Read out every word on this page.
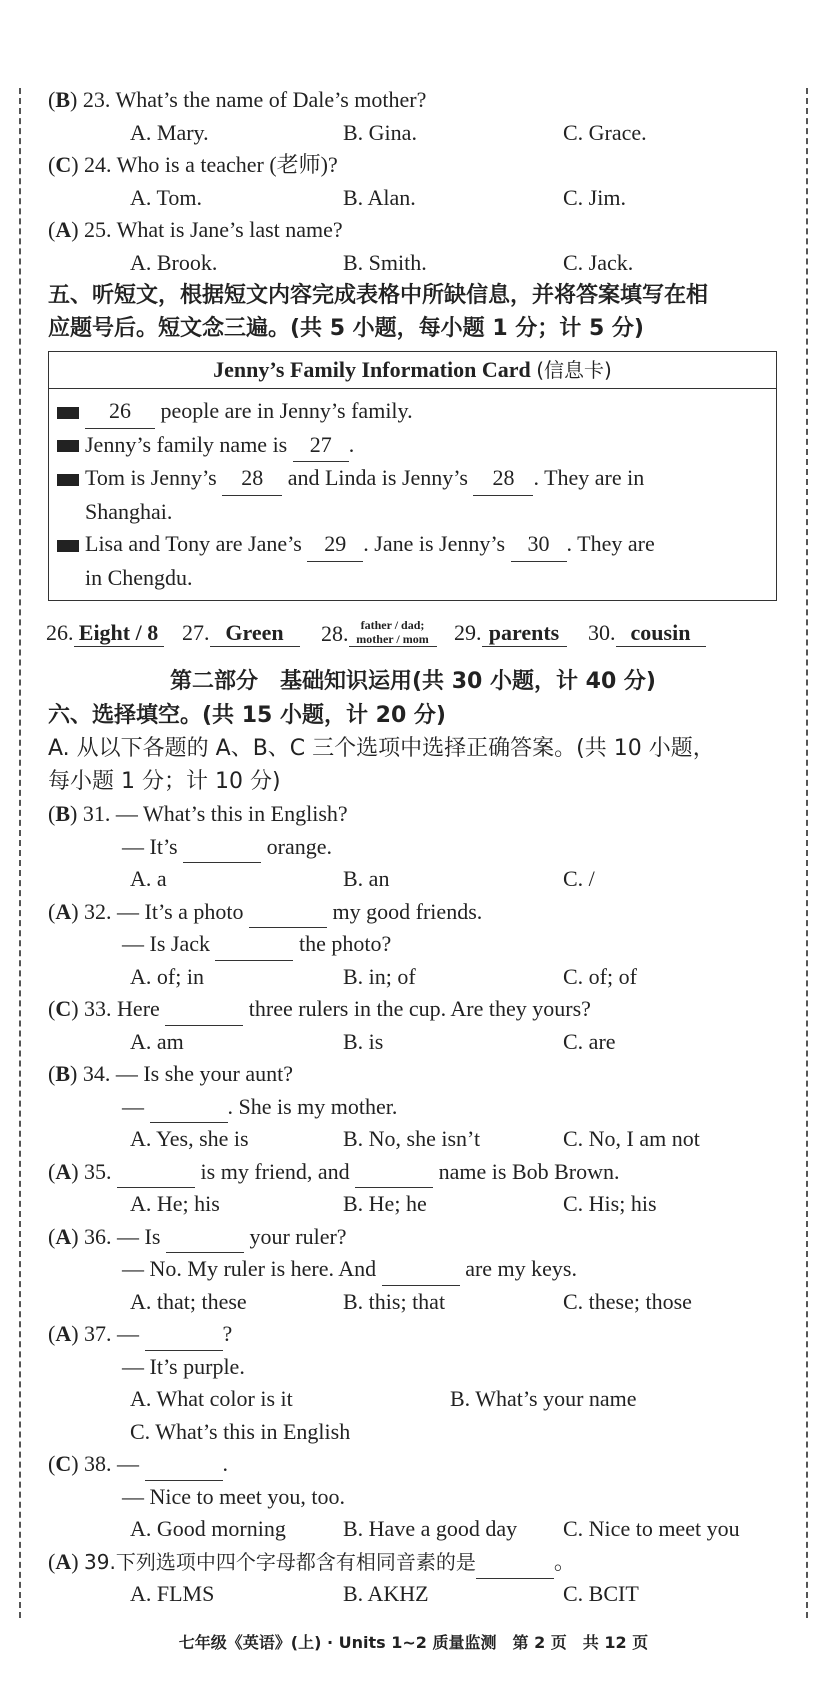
(B) 23. What’s the name of Dale’s mother?
A. Mary.	B. Gina.	C. Grace.
(C) 24. Who is a teacher (老师)?
A. Tom.	B. Alan.	C. Jim.
(A) 25. What is Jane’s last name?
A. Brook.	B. Smith.	C. Jack.
五、听短文，根据短文内容完成表格中所缺信息，并将答案填写在相
应题号后。短文念三遍。(共 5 小题，每小题 1 分；计 5 分)
Jenny’s Family Information Card (信息卡)
26 people are in Jenny’s family.
Jenny’s family name is 27 .
Tom is Jenny’s 28 and Linda is Jenny’s 28 . They are in
Shanghai.
Lisa and Tony are Jane’s 29 . Jane is Jenny’s 30 . They are
in Chengdu.
26. Eight / 8 27. Green	28.	father / dad;
mother / mom	29. parents	30. cousin
第二部分　基础知识运用(共 30 小题，计 40 分)
六、选择填空。(共 15 小题，计 20 分)
A. 从以下各题的 A、B、C 三个选项中选择正确答案。(共 10 小题，
每小题 1 分；计 10 分)
(B) 31. — What’s this in English?
— It’s	orange.
A. a	B. an	C. /
(A) 32. — It’s a photo	my good friends.
— Is Jack	the photo?
A. of; in	B. in; of	C. of; of
(C) 33. Here	three rulers in the cup. Are they yours?
A. am	B. is	C. are
(B) 34. — Is she your aunt?
—	. She is my mother.
A. Yes, she is	B. No, she isn’t	C. No, I am not
(A) 35.	is my friend, and	name is Bob Brown.
A. He; his	B. He; he	C. His; his
(A) 36. — Is	your ruler?
— No. My ruler is here. And	are my keys.
A. that; these	B. this; that	C. these; those
(A) 37. —	?
— It’s purple.
A. What color is it	B. What’s your name
C. What’s this in English
(C) 38. —	.
— Nice to meet you, too.
A. Good morning	B. Have a good day C. Nice to meet you
(A) 39.下列选项中四个字母都含有相同音素的是	。
A. FLMS	B. AKHZ	C. BCIT
七年级《英语》(上) · Units 1~2 质量监测　第 2 页　共 12 页
